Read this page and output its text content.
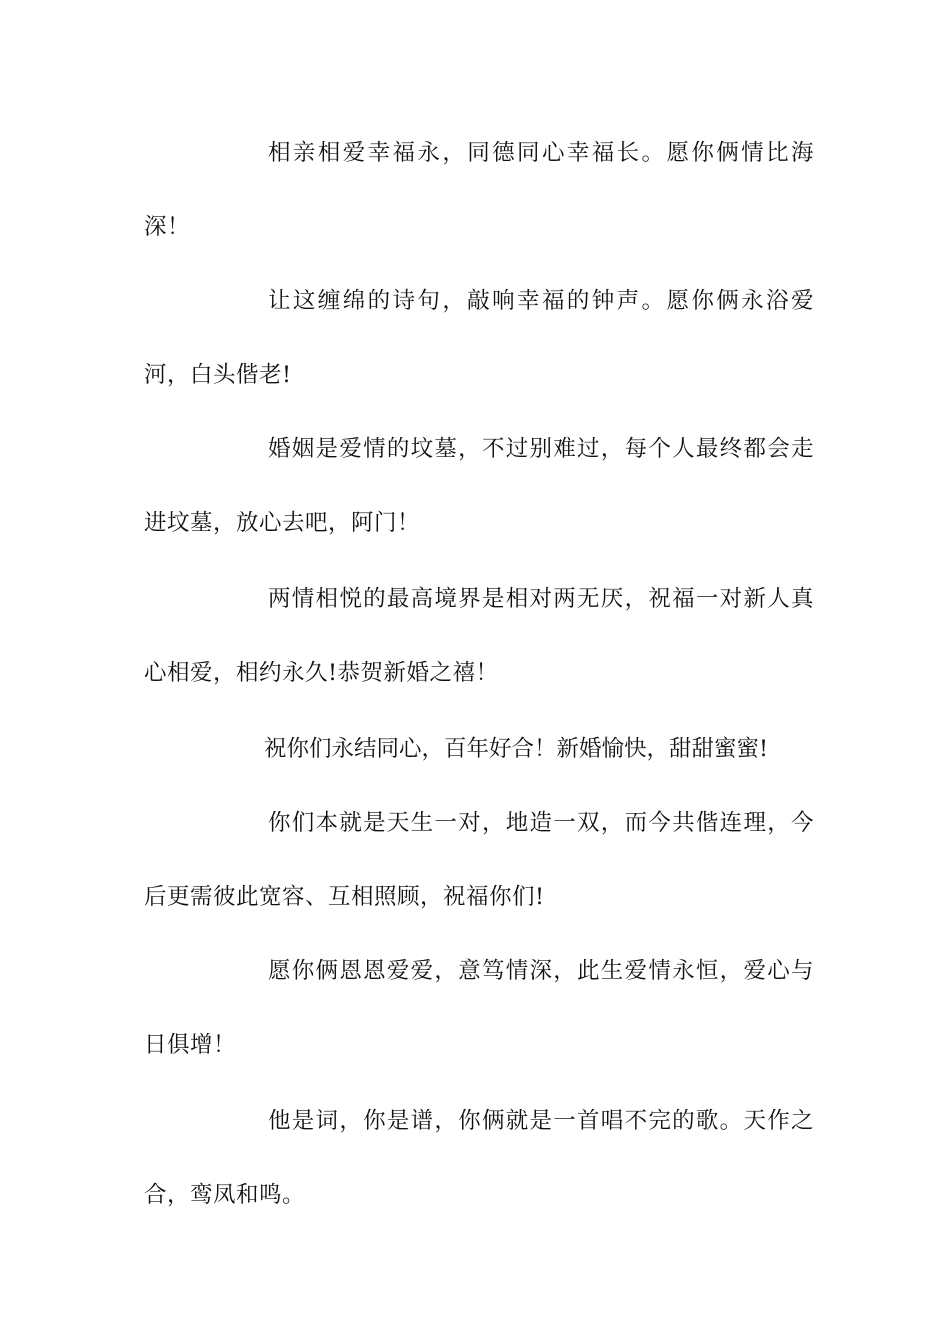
相亲相爱幸福永，同德同心幸福长。愿你俩情比海深！

让这缠绵的诗句，敲响幸福的钟声。愿你俩永浴爱河，白头偕老!

婚姻是爱情的坟墓，不过别难过，每个人最终都会走进坟墓，放心去吧，阿门！

两情相悦的最高境界是相对两无厌，祝福一对新人真心相爱，相约永久!恭贺新婚之禧！

祝你们永结同心，百年好合！新婚愉快，甜甜蜜蜜!

你们本就是天生一对，地造一双，而今共偕连理，今后更需彼此宽容、互相照顾，祝福你们!

愿你俩恩恩爱爱，意笃情深，此生爱情永恒，爱心与日俱增！

他是词，你是谱，你俩就是一首唱不完的歌。天作之合，鸾凤和鸣。
